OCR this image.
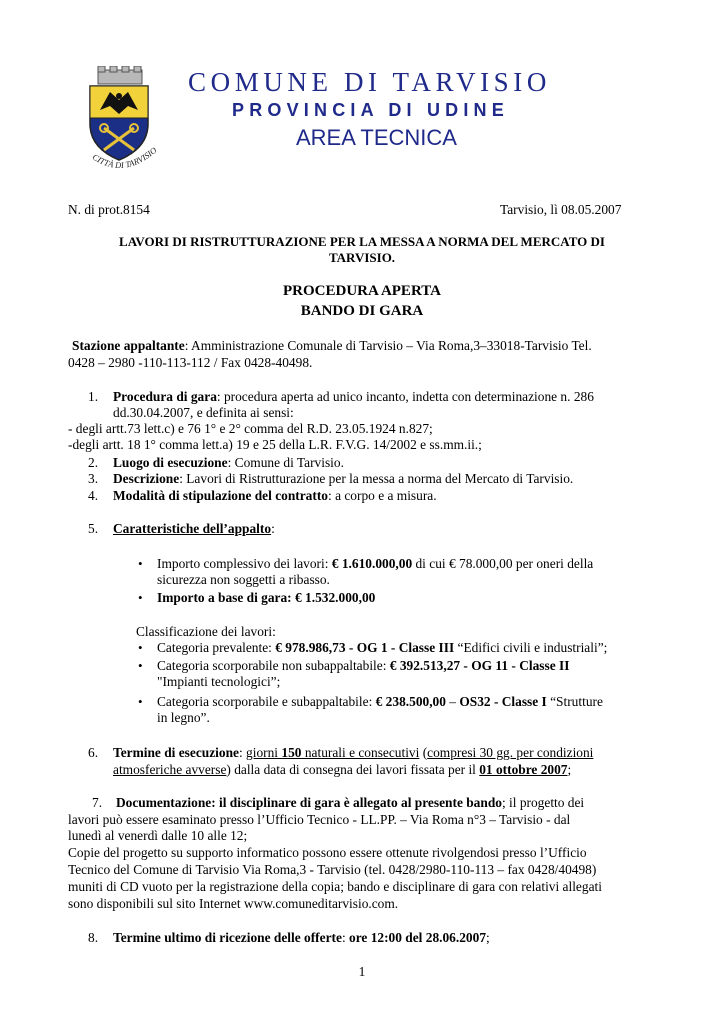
CITTÀ DI TARVISIO
COMUNE DI TARVISIO
PROVINCIA DI UDINE
AREA TECNICA
N. di prot.8154	Tarvisio, lì 08.05.2007
LAVORI DI RISTRUTTURAZIONE PER LA MESSA A NORMA DEL MERCATO DI
TARVISIO.
PROCEDURA APERTA
BANDO DI GARA
Stazione appaltante: Amministrazione Comunale di Tarvisio – Via Roma,3–33018-Tarvisio Tel.
0428 – 2980 -110-113-112 / Fax 0428-40498.
1. Procedura di gara: procedura aperta ad unico incanto, indetta con determinazione n. 286
dd.30.04.2007, e definita ai sensi:
- degli artt.73 lett.c) e 76 1° e 2° comma del R.D. 23.05.1924 n.827;
-degli artt. 18 1° comma lett.a) 19 e 25 della L.R. F.V.G. 14/2002 e ss.mm.ii.;
2. Luogo di esecuzione: Comune di Tarvisio.
3. Descrizione: Lavori di Ristrutturazione per la messa a norma del Mercato di Tarvisio.
4. Modalità di stipulazione del contratto: a corpo e a misura.
5. Caratteristiche dell’appalto:
• Importo complessivo dei lavori: € 1.610.000,00 di cui € 78.000,00 per oneri della
sicurezza non soggetti a ribasso.
• Importo a base di gara: € 1.532.000,00
Classificazione dei lavori:
• Categoria prevalente: € 978.986,73 - OG 1 - Classe III “Edifici civili e industriali”;
• Categoria scorporabile non subappaltabile: € 392.513,27 - OG 11 - Classe II
"Impianti tecnologici”;
• Categoria scorporabile e subappaltabile: € 238.500,00 – OS32 - Classe I “Strutture
in legno”.
6. Termine di esecuzione: giorni 150 naturali e consecutivi (compresi 30 gg. per condizioni
atmosferiche avverse) dalla data di consegna dei lavori fissata per il 01 ottobre 2007;
7. Documentazione: il disciplinare di gara è allegato al presente bando; il progetto dei
lavori può essere esaminato presso l’Ufficio Tecnico - LL.PP. – Via Roma n°3 – Tarvisio - dal
lunedì al venerdì dalle 10 alle 12;
Copie del progetto su supporto informatico possono essere ottenute rivolgendosi presso l’Ufficio
Tecnico del Comune di Tarvisio Via Roma,3 - Tarvisio (tel. 0428/2980-110-113 – fax 0428/40498)
muniti di CD vuoto per la registrazione della copia; bando e disciplinare di gara con relativi allegati
sono disponibili sul sito Internet www.comuneditarvisio.com.
8. Termine ultimo di ricezione delle offerte: ore 12:00 del 28.06.2007;
1
